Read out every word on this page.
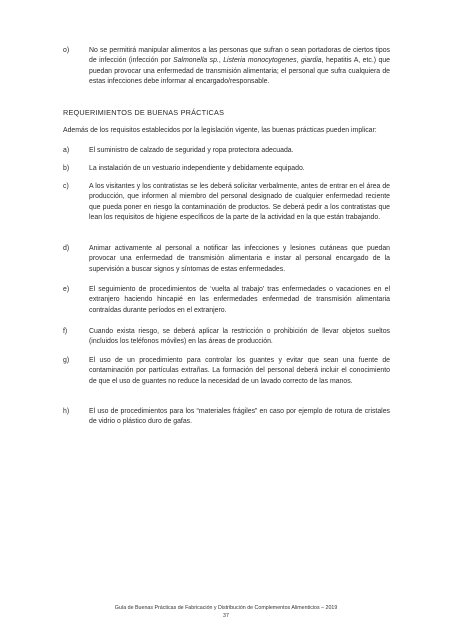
o)	No se permitirá manipular alimentos a las personas que sufran o sean portadoras de ciertos tipos de infección (infección por Salmonella sp., Listeria monocytogenes, giardia, hepatitis A, etc.) que puedan provocar una enfermedad de transmisión alimentaria; el personal que sufra cualquiera de estas infecciones debe informar al encargado/responsable.
REQUERIMIENTOS DE BUENAS PRÁCTICAS
Además de los requisitos establecidos por la legislación vigente, las buenas prácticas pueden implicar:
a)	El suministro de calzado de seguridad y ropa protectora adecuada.
b)	La instalación de un vestuario independiente y debidamente equipado.
c)	A los visitantes y los contratistas se les deberá solicitar verbalmente, antes de entrar en el área de producción, que informen al miembro del personal designado de cualquier enfermedad reciente que pueda poner en riesgo la contaminación de productos. Se deberá pedir a los contratistas que lean los requisitos de higiene específicos de la parte de la actividad en la que están trabajando.
d)	Animar activamente al personal a notificar las infecciones y lesiones cutáneas que puedan provocar una enfermedad de transmisión alimentaria e instar al personal encargado de la supervisión a buscar signos y síntomas de estas enfermedades.
e)	El seguimiento de procedimientos de ‘vuelta al trabajo’ tras enfermedades o vacaciones en el extranjero haciendo hincapié en las enfermedades enfermedad de transmisión alimentaria contraídas durante períodos en el extranjero.
f)	Cuando exista riesgo, se deberá aplicar la restricción o prohibición de llevar objetos sueltos (incluidos los teléfonos móviles) en las áreas de producción.
g)	El uso de un procedimiento para controlar los guantes y evitar que sean una fuente de contaminación por partículas extrañas. La formación del personal deberá incluir el conocimiento de que el uso de guantes no reduce la necesidad de un lavado correcto de las manos.
h)	El uso de procedimientos para los “materiales frágiles” en caso por ejemplo de rotura de cristales de vidrio o plástico duro de gafas.
Guía de Buenas Prácticas de Fabricación y Distribución de Complementos Alimenticios – 2019
37
